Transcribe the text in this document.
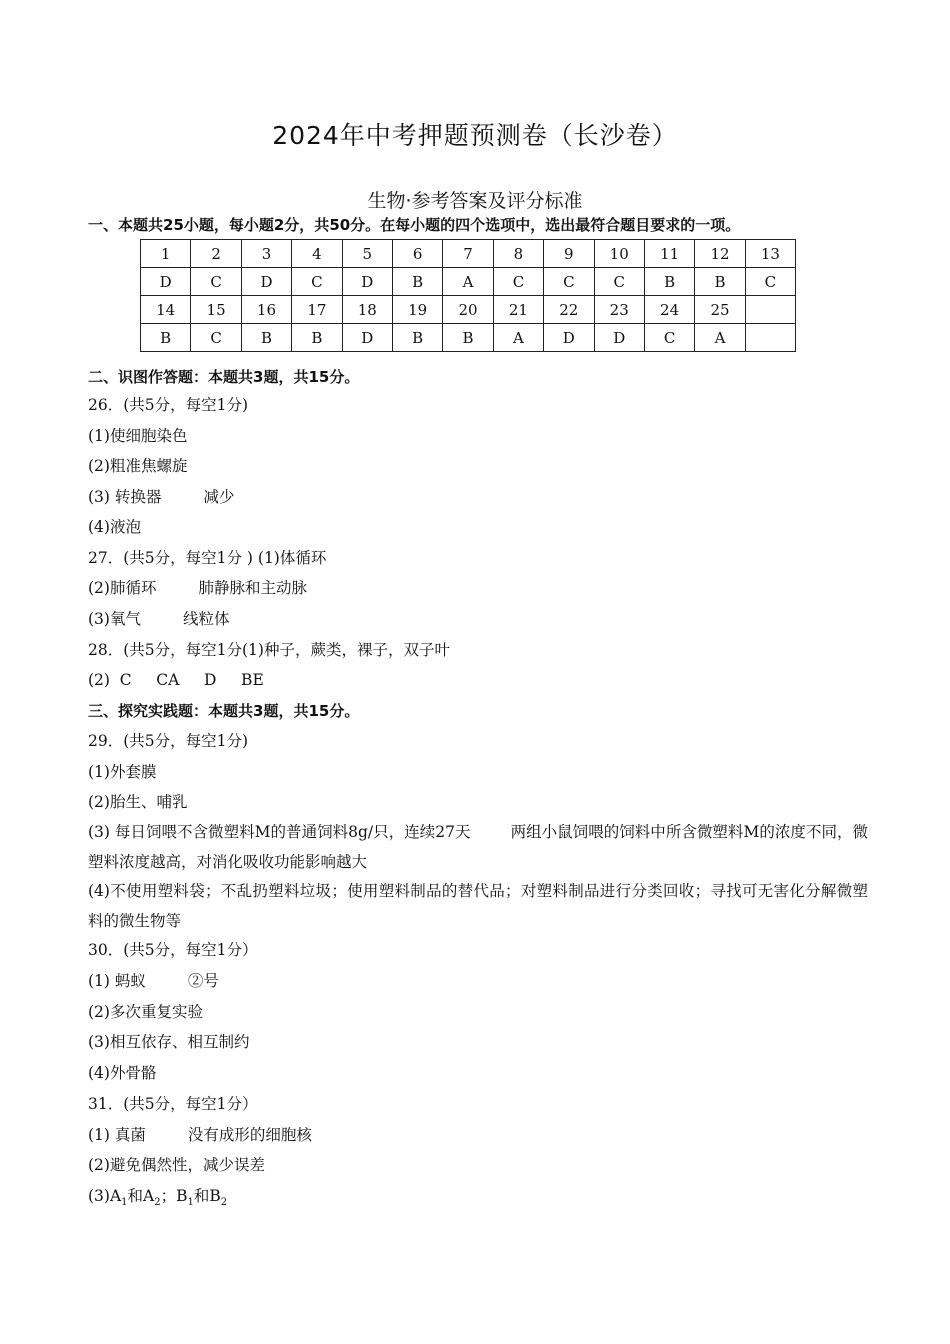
2024年中考押题预测卷（长沙卷）
生物·参考答案及评分标准
一、本题共25小题，每小题2分，共50分。在每小题的四个选项中，选出最符合题目要求的一项。
1	2	3	4	5	6	7	8	9	10	11	12	13
D	C	D	C	D	B	A	C	C	C	B	B	C
14	15	16	17	18	19	20	21	22	23	24	25	
B	C	B	B	D	B	B	A	D	D	C	A	
二、识图作答题：本题共3题，共15分。
26．(共5分，每空1分)
(1)使细胞染色
(2)粗准焦螺旋
(3) 转换器	减少
(4)液泡
27．(共5分，每空1分 ) (1)体循环
(2)肺循环	肺静脉和主动脉
(3)氧气	线粒体
28．(共5分，每空1分(1)种子，蕨类，裸子，双子叶
(2)  C     CA     D     BE
三、探究实践题：本题共3题，共15分。
29．(共5分，每空1分)
(1)外套膜
(2)胎生、哺乳
(3) 每日饲喂不含微塑料M的普通饲料8g/只，连续27天	两组小鼠饲喂的饲料中所含微塑料M的浓度不同，微塑料浓度越高，对消化吸收功能影响越大
(4)不使用塑料袋；不乱扔塑料垃圾；使用塑料制品的替代品；对塑料制品进行分类回收；寻找可无害化分解微塑料的微生物等
30．(共5分，每空1分）
(1) 蚂蚁	②号
(2)多次重复实验
(3)相互依存、相互制约
(4)外骨骼
31．(共5分，每空1分）
(1) 真菌	没有成形的细胞核
(2)避免偶然性，减少误差
$(3)A_1$和$A_2$；$B_1$和$B_2$
